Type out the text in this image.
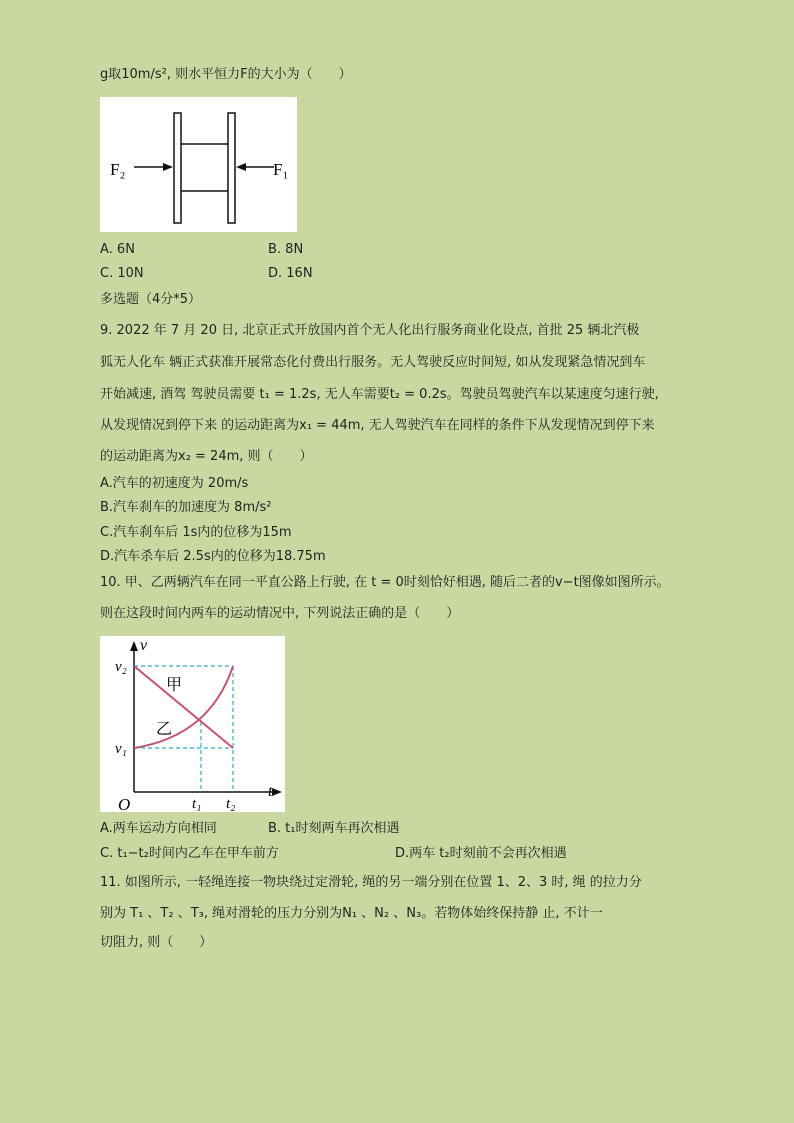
g取10m/s², 则水平恒力F的大小为（　　）
F₂	F₁
A. 6N	B. 8N
C. 10N	D. 16N
多选题（4分*5）
9. 2022 年 7 月 20 日, 北京正式开放国内首个无人化出行服务商业化设点, 首批 25 辆北汽极
狐无人化车 辆正式获准开展常态化付费出行服务。无人驾驶反应时间短, 如从发现紧急情况到车
开始减速, 酒驾 驾驶员需要 t₁ = 1.2s, 无人车需要t₂ = 0.2s。驾驶员驾驶汽车以某速度匀速行驶,
从发现情况到停下来 的运动距离为x₁ = 44m, 无人驾驶汽车在同样的条件下从发现情况到停下来
的运动距离为x₂ = 24m, 则（　　）
A.汽车的初速度为 20m/s
B.汽车刹车的加速度为 8m/s²
C.汽车刹车后 1s内的位移为15m
D.汽车杀车后 2.5s内的位移为18.75m
10. 甲、乙两辆汽车在同一平直公路上行驶, 在 t = 0时刻恰好相遇, 随后二者的v−t图像如图所示。
则在这段时间内两车的运动情况中, 下列说法正确的是（　　）
v
t
O
v₂
v₁
t₁ t₂
甲
乙
A.两车运动方向相同	B. t₁时刻两车再次相遇
C. t₁−t₂时间内乙车在甲车前方	D.两车 t₂时刻前不会再次相遇
11. 如图所示, 一轻绳连接一物块绕过定滑轮, 绳的另一端分别在位置 1、2、3 时, 绳 的拉力分
别为 T₁ 、T₂ 、T₃, 绳对滑轮的压力分别为N₁ 、N₂ 、N₃。若物体始终保持静 止, 不计一
切阻力, 则（　　）
